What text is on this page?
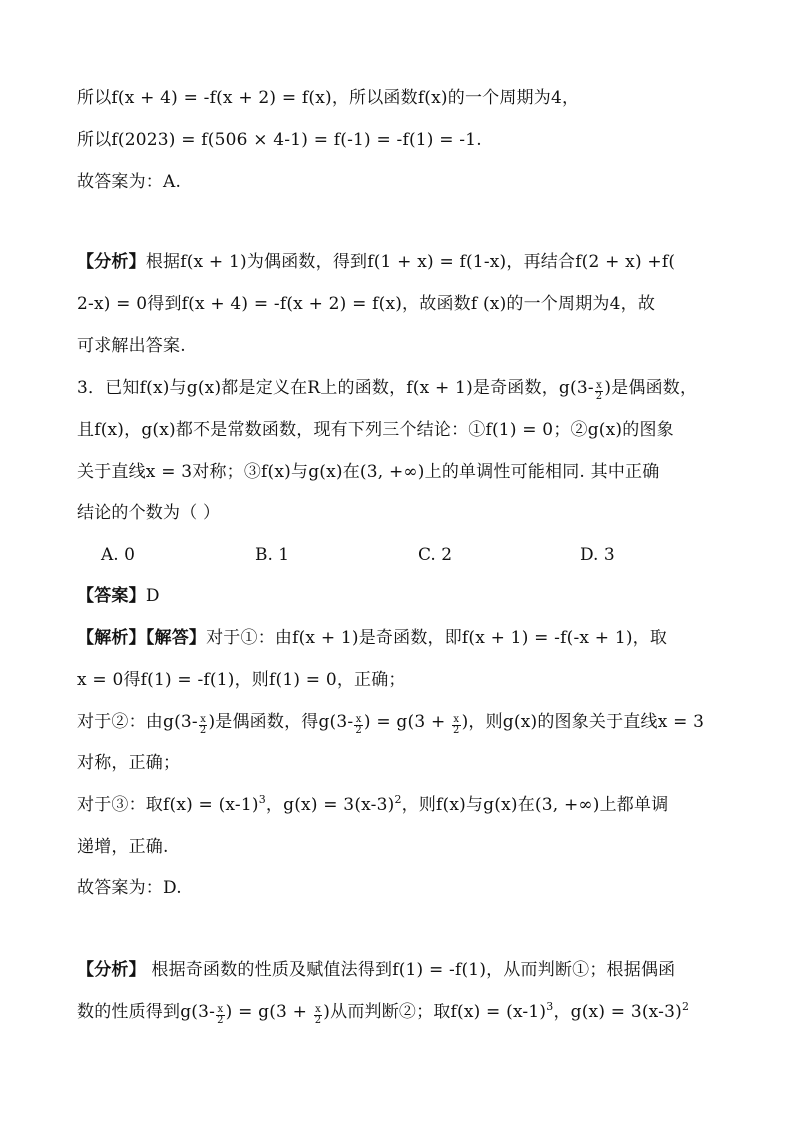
所以f(x + 4) = -f(x + 2) = f(x)，所以函数f(x)的一个周期为4，
所以f(2023) = f(506 × 4-1) = f(-1) = -f(1) = -1.
故答案为：A.
【分析】根据f(x + 1)为偶函数，得到f(1 + x) = f(1-x)，再结合f(2 + x) +f(
2-x) = 0得到f(x + 4) = -f(x + 2) = f(x)，故函数f (x)的一个周期为4，故
可求解出答案.
3．已知f(x)与g(x)都是定义在R上的函数，f(x + 1)是奇函数，$g(3- \frac{x}{2}$ )是偶函数，
且f(x)，g(x)都不是常数函数，现有下列三个结论：①f(1) = 0；②g(x)的图象
关于直线x = 3对称；③f(x)与g(x)在(3, +∞)上的单调性可能相同. 其中正确
结论的个数为（ ）
A. 0	B. 1	C. 2	D. 3
【答案】D
【解析】【解答】对于①：由f(x + 1)是奇函数，即f(x + 1) = -f(-x + 1)，取
x = 0得f(1) = -f(1)，则f(1) = 0，正确；
对于②：由$g(3- \frac{x}{2}$ )是偶函数，得$g(3- \frac{x}{2}$ ) = $g(3 + \frac{x}{2}$ )，则g(x)的图象关于直线x = 3
对称，正确；
对于③：取$f(x) = (x-1)^3$，$g(x) = 3(x-3)^2$，则f(x)与g(x)在(3, +∞)上都单调
递增，正确.
故答案为：D.
【分析】 根据奇函数的性质及赋值法得到f(1) = -f(1)，从而判断①；根据偶函
数的性质得到$g(3- \frac{x}{2}$ ) = $g(3 + \frac{x}{2}$ )从而判断②；取$f(x) = (x-1)^3$，$g(x) = 3(x-3)^2$
